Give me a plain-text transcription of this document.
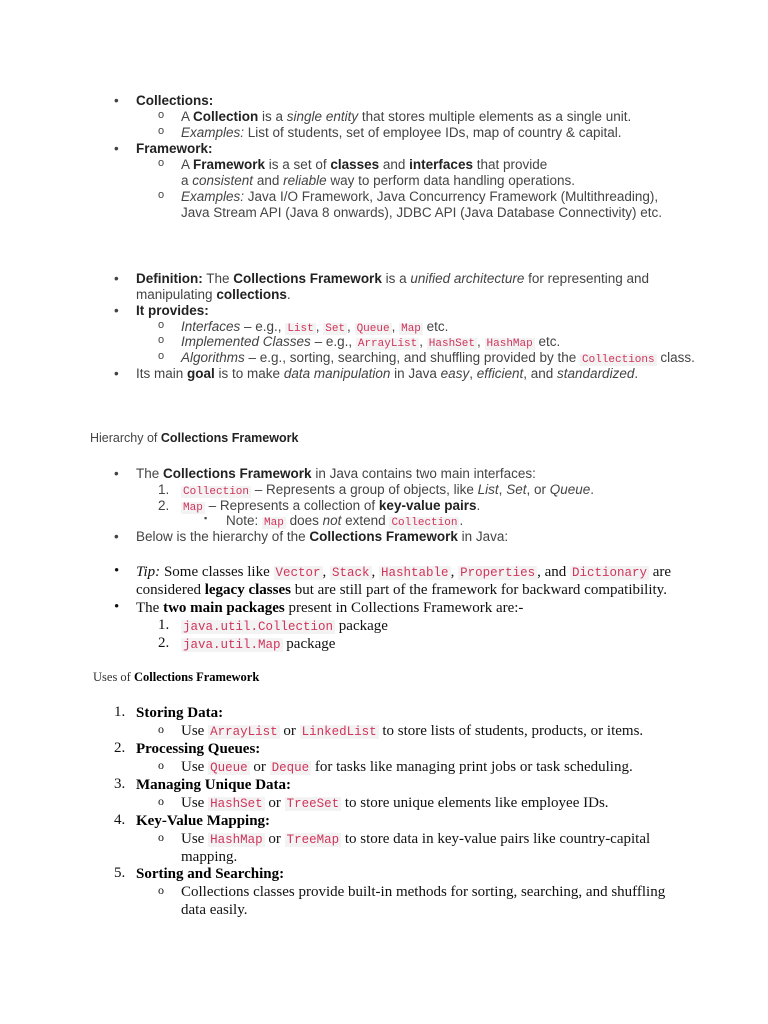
• Collections:
o A Collection is a single entity that stores multiple elements as a single unit.
o Examples: List of students, set of employee IDs, map of country & capital.
• Framework:
o A Framework is a set of classes and interfaces that provide
a consistent and reliable way to perform data handling operations.
o Examples: Java I/O Framework, Java Concurrency Framework (Multithreading),
Java Stream API (Java 8 onwards), JDBC API (Java Database Connectivity) etc.
• Definition: The Collections Framework is a unified architecture for representing and
manipulating collections.
• It provides:
o Interfaces – e.g., List , Set , Queue , Map etc.
o Implemented Classes – e.g., ArrayList , HashSet , HashMap etc.
o Algorithms – e.g., sorting, searching, and shuffling provided by the Collections class.
• Its main goal is to make data manipulation in Java easy, efficient, and standardized.
Hierarchy of Collections Framework
• The Collections Framework in Java contains two main interfaces:
1. Collection – Represents a group of objects, like List, Set, or Queue.
2. Map – Represents a collection of key-value pairs.
▪ Note: Map does not extend Collection .
• Below is the hierarchy of the Collections Framework in Java:
• Tip: Some classes like Vector , Stack , Hashtable , Properties , and Dictionary are
considered legacy classes but are still part of the framework for backward compatibility.
• The two main packages present in Collections Framework are:-
1. java.util.Collection package
2. java.util.Map package
Uses of Collections Framework
1. Storing Data:
o Use ArrayList or LinkedList to store lists of students, products, or items.
2. Processing Queues:
o Use Queue or Deque for tasks like managing print jobs or task scheduling.
3. Managing Unique Data:
o Use HashSet or TreeSet to store unique elements like employee IDs.
4. Key-Value Mapping:
o Use HashMap or TreeMap to store data in key-value pairs like country-capital
mapping.
5. Sorting and Searching:
o Collections classes provide built-in methods for sorting, searching, and shuffling
data easily.
